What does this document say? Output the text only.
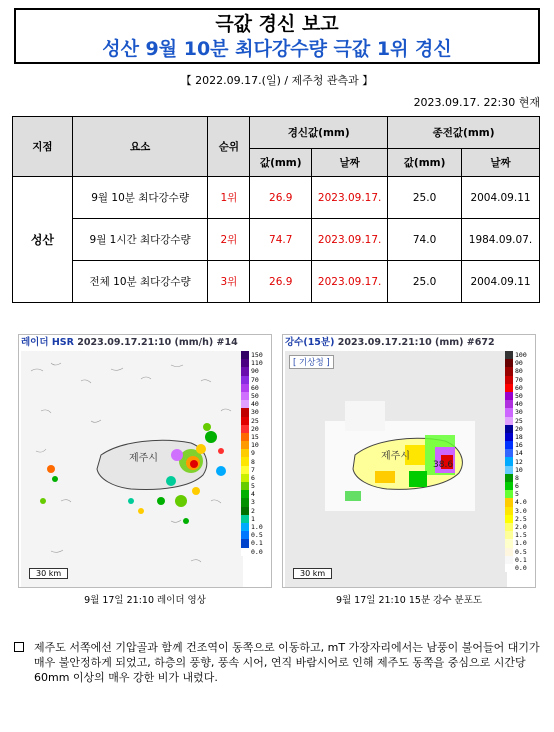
극값 경신 보고
성산 9월 10분 최다강수량 극값 1위 경신
【 2022.09.17.(일) / 제주청 관측과 】
2023.09.17. 22:30 현재
지점	요소	순위	경신값(mm)		종전값(mm)	
			값(mm)	날짜	값(mm)	날짜
성산	9월 10분 최다강수량	1위	26.9	2023.09.17.	25.0	2004.09.11
	9월 1시간 최다강수량	2위	74.7	2023.09.17.	74.0	1984.09.07.
	전체 10분 최다강수량	3위	26.9	2023.09.17.	25.0	2004.09.11
레이더 HSR 2023.09.17.21:10 (mm/h) #14
제주시
30 km
150
110
90
70
60
50
40
30
25
20
15
10
9
8
7
6
5
4
3
2
1
1.0
0.5
0.1
0.0
강수(15분) 2023.09.17.21:10 (mm) #672
제주시
38.6
[ 기상청 ]
30 km
100
90
80
70
60
50
40
30
25
20
18
16
14
12
10
8
6
5
4.0
3.0
2.5
2.0
1.5
1.0
0.5
0.1
0.0
9월 17일 21:10 레이더 영상	9월 17일 21:10 15분 강수 분포도
제주도 서쪽에선 기압골과 함께 건조역이 동쪽으로 이동하고, mT 가장자리에서는 남풍이 불어들어 대기가 매우 불안정하게 되었고, 하층의 풍향, 풍속 시어, 연직 바람시어로 인해 제주도 동쪽을 중심으로 시간당 60mm 이상의 매우 강한 비가 내렸다.
